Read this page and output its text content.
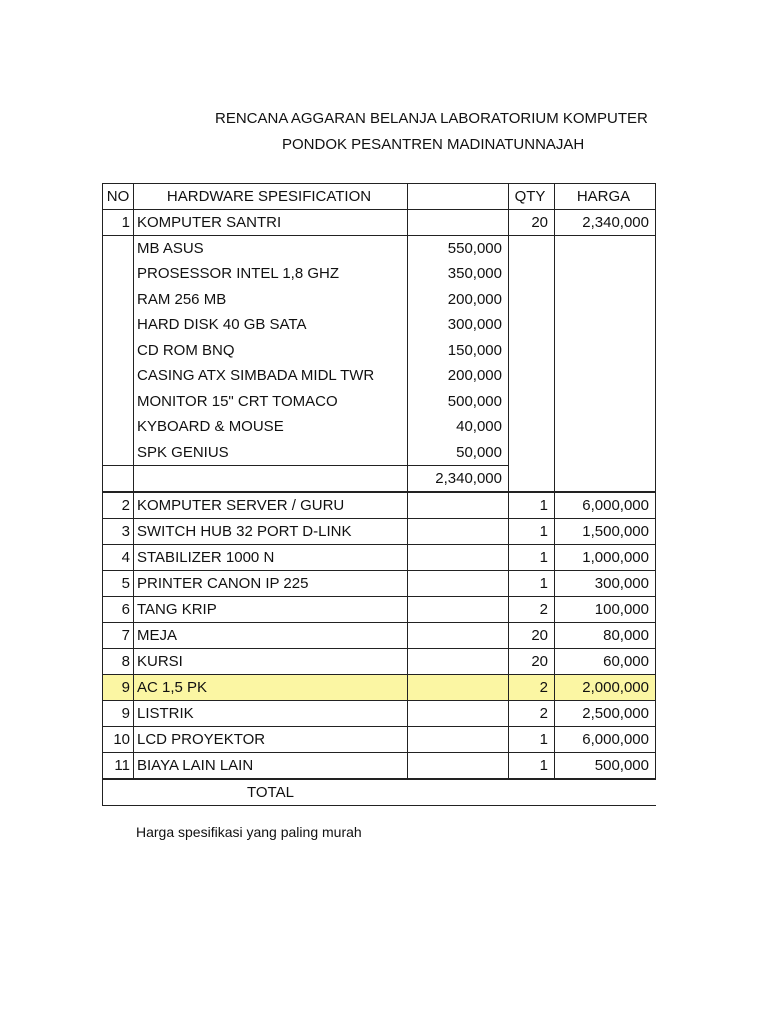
RENCANA AGGARAN BELANJA LABORATORIUM KOMPUTER
PONDOK PESANTREN MADINATUNNAJAH
NO	HARDWARE SPESIFICATION		QTY	HARGA
1	KOMPUTER SANTRI		20	2,340,000
	MB ASUS	550,000		
	PROSESSOR INTEL 1,8 GHZ	350,000		
	RAM 256 MB	200,000		
	HARD DISK 40 GB SATA	300,000		
	CD ROM BNQ	150,000		
	CASING ATX SIMBADA MIDL TWR	200,000		
	MONITOR 15" CRT TOMACO	500,000		
	KYBOARD & MOUSE	40,000		
	SPK GENIUS	50,000		
		2,340,000		
2	KOMPUTER SERVER / GURU		1	6,000,000
3	SWITCH HUB 32 PORT D-LINK		1	1,500,000
4	STABILIZER 1000 N		1	1,000,000
5	PRINTER CANON IP 225		1	300,000
6	TANG KRIP		2	100,000
7	MEJA		20	80,000
8	KURSI		20	60,000
9	AC 1,5 PK		2	2,000,000
9	LISTRIK		2	2,500,000
10	LCD PROYEKTOR		1	6,000,000
11	BIAYA LAIN LAIN		1	500,000
TOTAL				
Harga spesifikasi yang paling murah
